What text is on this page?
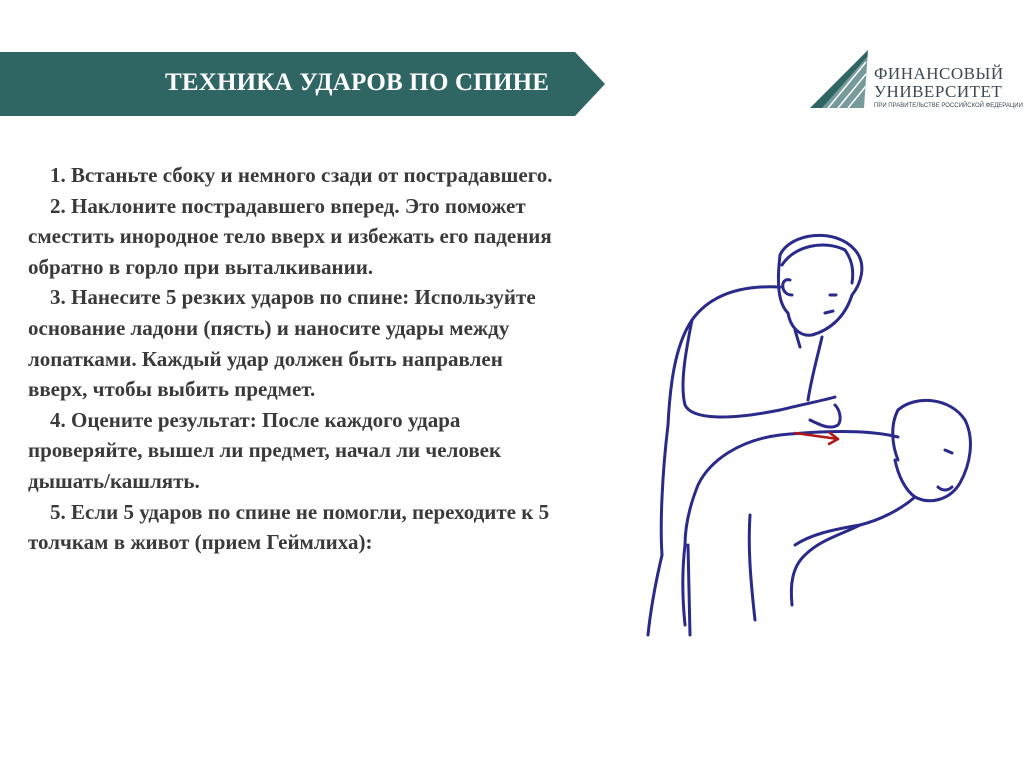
ТЕХНИКА УДАРОВ ПО СПИНЕ	ФИНАНСОВЫЙ
УНИВЕРСИТЕТ
ПРИ ПРАВИТЕЛЬСТВЕ РОССИЙСКОЙ ФЕДЕРАЦИИ

1. Встаньте сбоку и немного сзади от пострадавшего.

2. Наклоните пострадавшего вперед. Это поможет сместить инородное тело вверх и избежать его падения обратно в горло при выталкивании.

3. Нанесите 5 резких ударов по спине: Используйте основание ладони (пясть) и наносите удары между лопатками. Каждый удар должен быть направлен вверх, чтобы выбить предмет.

4. Оцените результат: После каждого удара проверяйте, вышел ли предмет, начал ли человек дышать/кашлять.

5. Если 5 ударов по спине не помогли, переходите к 5 толчкам в живот (прием Геймлиха):
